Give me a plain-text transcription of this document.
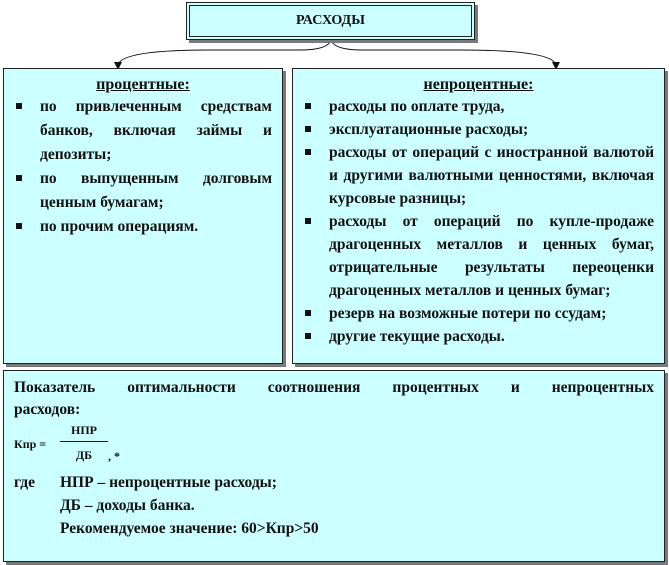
РАСХОДЫ
процентные:
по привлеченным средствам банков, включая займы и депозиты;
по выпущенным долговым ценным бумагам;
по прочим операциям.
непроцентные:
расходы по оплате труда,
эксплуатационные расходы;
расходы от операций с иностранной валютой и другими валютными ценностями, включая курсовые разницы;
расходы от операций по купле-продаже драгоценных металлов и ценных бумаг, отрицательные результаты переоценки драгоценных металлов и ценных бумаг;
резерв на возможные потери по ссудам;
другие текущие расходы.
Показатель оптимальности соотношения процентных и непроцентных
расходов:
Кпр =
НПР
ДБ	, *
где	НПР – непроцентные расходы;
ДБ – доходы банка.
Рекомендуемое значение: 60>Кпр>50
